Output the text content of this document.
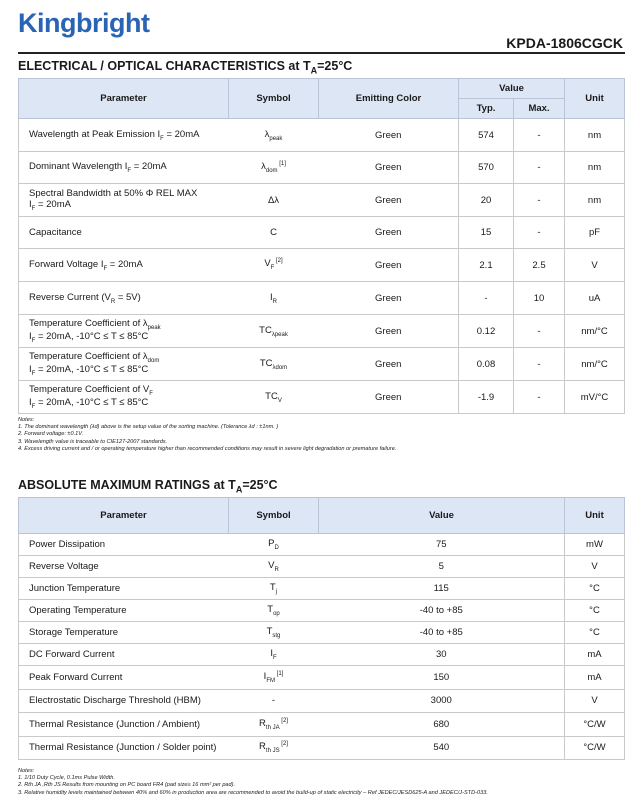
Kingbright
KPDA-1806CGCK
ELECTRICAL / OPTICAL CHARACTERISTICS at $T_A=25^\circ C$
Parameter	Symbol	Emitting Color	Value		Unit
			Typ.	Max.	
Wavelength at Peak Emission $I_F = 20mA$	$\lambda_{peak}$	Green	574	-	nm
Dominant Wavelength $I_F = 20mA$	$\lambda_{dom}$ [1]	Green	570	-	nm
Spectral Bandwidth at 50% Φ REL MAX
$I_F = 20mA$	Δλ	Green	20	-	nm
Capacitance	C	Green	15	-	pF
Forward Voltage $I_F = 20mA$	$V_F$ [2]	Green	2.1	2.5	V
Reverse Current $(V_R = 5V)$	$I_R$	Green	-	10	uA
Temperature Coefficient of $\lambda_{peak}$
$I_F = 20mA$, -10°C ≤ T ≤ 85°C	$TC_{\lambda peak}$	Green	0.12	-	nm/°C
Temperature Coefficient of $\lambda_{dom}$
$I_F = 20mA$, -10°C ≤ T ≤ 85°C	$TC_{\lambda dom}$	Green	0.08	-	nm/°C
Temperature Coefficient of $V_F$
$I_F = 20mA$, -10°C ≤ T ≤ 85°C	$TC_V$	Green	-1.9	-	mV/°C
Notes:
1. The dominant wavelength (λd) above is the setup value of the sorting machine. (Tolerance λd : ±1nm. )
2. Forward voltage: ±0.1V.
3. Wavelength value is traceable to CIE127-2007 standards.
4. Excess driving current and / or operating temperature higher than recommended conditions may result in severe light degradation or premature failure.
ABSOLUTE MAXIMUM RATINGS at $T_A=25^\circ C$
Parameter	Symbol	Value	Unit
Power Dissipation	$P_D$	75	mW
Reverse Voltage	$V_R$	5	V
Junction Temperature	$T_j$	115	°C
Operating Temperature	$T_{op}$	-40 to +85	°C
Storage Temperature	$T_{stg}$	-40 to +85	°C
DC Forward Current	$I_F$	30	mA
Peak Forward Current	$I_{FM}$ [1]	150	mA
Electrostatic Discharge Threshold (HBM)	-	3000	V
Thermal Resistance (Junction / Ambient)	$R_{th JA}$ [2]	680	°C/W
Thermal Resistance (Junction / Solder point)	$R_{th JS}$ [2]	540	°C/W
Notes:
1. 1/10 Duty Cycle, 0.1ms Pulse Width.
2. Rth JA ,Rth JS Results from mounting on PC board FR4 (pad size≥ 16 mm² per pad).
3. Relative humidity levels maintained between 40% and 60% in production area are recommended to avoid the build-up of static electricity – Ref JEDEC/JESD625-A and JEDEC/J-STD-033.
